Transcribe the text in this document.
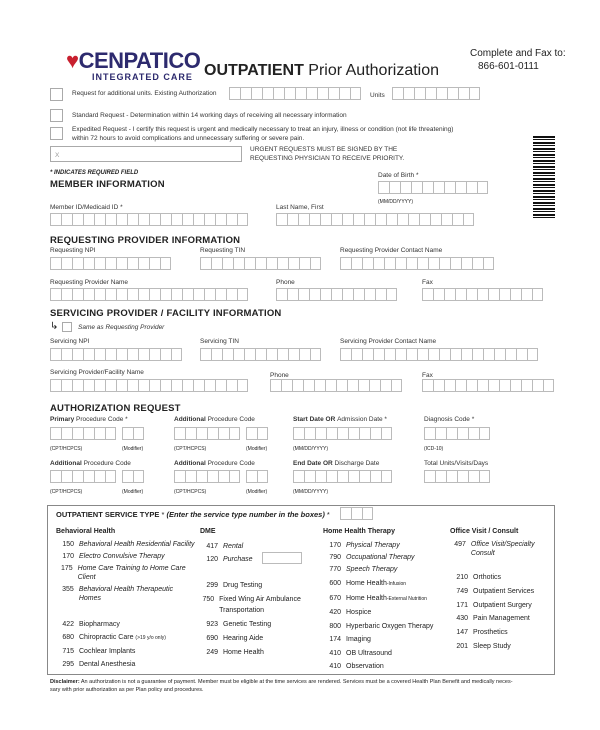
♥CENPATICO
INTEGRATED CARE OUTPATIENT Prior Authorization
Complete and Fax to:
866-601-0111
Request for additional units. Existing Authorization	Units
Standard Request - Determination within 14 working days of receiving all necessary information
Expedited Request - I certify this request is urgent and medically necessary to treat an injury, illness or condition (not life threatening)
within 72 hours to avoid complications and unnecessary suffering or severe pain.
X
URGENT REQUESTS MUST BE SIGNED BY THE
REQUESTING PHYSICIAN TO RECEIVE PRIORITY.
* INDICATES REQUIRED FIELD
MEMBER INFORMATION
Date of Birth *
(MM/DD/YYYY)
Member ID/Medicaid ID *	Last Name, First
REQUESTING PROVIDER INFORMATION
Requesting NPI	Requesting TIN	Requesting Provider Contact Name
Requesting Provider Name	Phone	Fax
SERVICING PROVIDER / FACILITY INFORMATION
↳	Same as Requesting Provider
Servicing NPI	Servicing TIN	Servicing Provider Contact Name
Servicing Provider/Facility Name	Phone	Fax
AUTHORIZATION REQUEST
Primary Procedure Code *
(CPT/HCPCS)	(Modifier)
Additional Procedure Code
(CPT/HCPCS)	(Modifier)
Start Date OR Admission Date *
(MM/DD/YYYY)
Diagnosis Code *
(ICD-10)
Additional Procedure Code
(CPT/HCPCS)	(Modifier)
Additional Procedure Code
(CPT/HCPCS)	(Modifier)
End Date OR Discharge Date
(MM/DD/YYYY)
Total Units/Visits/Days
OUTPATIENT SERVICE TYPE * (Enter the service type number in the boxes) *
Behavioral Health
150 Behavioral Health Residential Facility
170 Electro Convulsive Therapy
175 Home Care Training to Home Care Client
355 Behavioral Health Therapeutic Homes
422 Biopharmacy
680 Chiropractic Care (>19 y/o only)
715 Cochlear Implants
295 Dental Anesthesia
DME
417 Rental
120 Purchase
299 Drug Testing
750 Fixed Wing Air Ambulance Transportation
923 Genetic Testing
690 Hearing Aide
249 Home Health
Home Health Therapy
170 Physical Therapy
790 Occupational Therapy
770 Speech Therapy
600 Home Health-Infusion
670 Home Health-External Nutrition
420 Hospice
800 Hyperbaric Oxygen Therapy
174 Imaging
410 OB Ultrasound
410 Observation
Office Visit / Consult
497 Office Visit/Specialty Consult
210 Orthotics
749 Outpatient Services
171 Outpatient Surgery
430 Pain Management
147 Prosthetics
201 Sleep Study
Disclaimer: An authorization is not a guarantee of payment. Member must be eligible at the time services are rendered. Services must be a covered Health Plan Benefit and medically neces-
sary with prior authorization as per Plan policy and procedures.
